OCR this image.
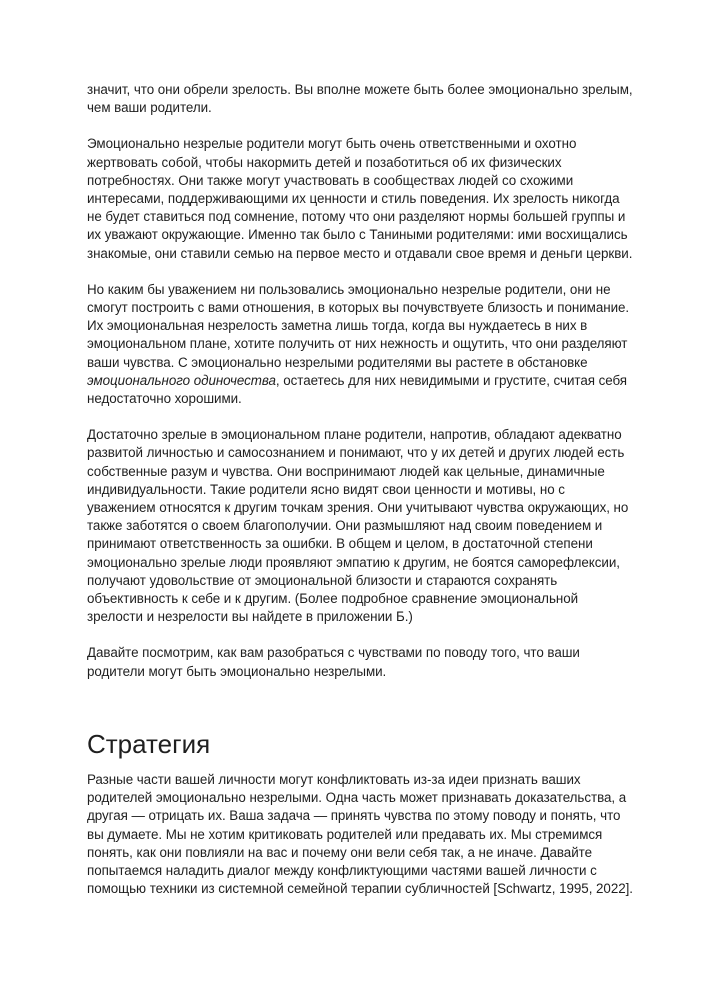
значит, что они обрели зрелость. Вы вполне можете быть более эмоционально зрелым, чем ваши родители.

Эмоционально незрелые родители могут быть очень ответственными и охотно жертвовать собой, чтобы накормить детей и позаботиться об их физических потребностях. Они также могут участвовать в сообществах людей со схожими интересами, поддерживающими их ценности и стиль поведения. Их зрелость никогда не будет ставиться под сомнение, потому что они разделяют нормы большей группы и их уважают окружающие. Именно так было с Таниными родителями: ими восхищались знакомые, они ставили семью на первое место и отдавали свое время и деньги церкви.

Но каким бы уважением ни пользовались эмоционально незрелые родители, они не смогут построить с вами отношения, в которых вы почувствуете близость и понимание. Их эмоциональная незрелость заметна лишь тогда, когда вы нуждаетесь в них в эмоциональном плане, хотите получить от них нежность и ощутить, что они разделяют ваши чувства. С эмоционально незрелыми родителями вы растете в обстановке эмоционального одиночества, остаетесь для них невидимыми и грустите, считая себя недостаточно хорошими.

Достаточно зрелые в эмоциональном плане родители, напротив, обладают адекватно развитой личностью и самосознанием и понимают, что у их детей и других людей есть собственные разум и чувства. Они воспринимают людей как цельные, динамичные индивидуальности. Такие родители ясно видят свои ценности и мотивы, но с уважением относятся к другим точкам зрения. Они учитывают чувства окружающих, но также заботятся о своем благополучии. Они размышляют над своим поведением и принимают ответственность за ошибки. В общем и целом, в достаточной степени эмоционально зрелые люди проявляют эмпатию к другим, не боятся саморефлексии, получают удовольствие от эмоциональной близости и стараются сохранять объективность к себе и к другим. (Более подробное сравнение эмоциональной зрелости и незрелости вы найдете в приложении Б.)

Давайте посмотрим, как вам разобраться с чувствами по поводу того, что ваши родители могут быть эмоционально незрелыми.

Стратегия

Разные части вашей личности могут конфликтовать из-за идеи признать ваших родителей эмоционально незрелыми. Одна часть может признавать доказательства, а другая — отрицать их. Ваша задача — принять чувства по этому поводу и понять, что вы думаете. Мы не хотим критиковать родителей или предавать их. Мы стремимся понять, как они повлияли на вас и почему они вели себя так, а не иначе. Давайте попытаемся наладить диалог между конфликтующими частями вашей личности с помощью техники из системной семейной терапии субличностей [Schwartz, 1995, 2022].
